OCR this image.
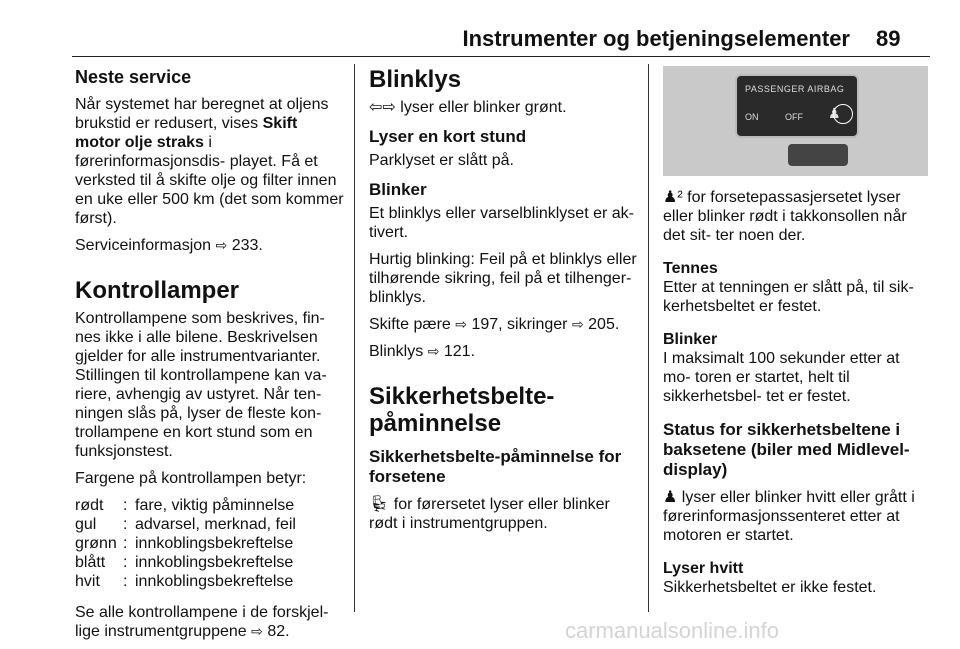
Instrumenter og betjeningselementer 89
Neste service

Når systemet har beregnet at oljens brukstid er redusert, vises Skift motor olje straks i førerinformasjonsdis- playet. Få et verksted til å skifte olje og filter innen en uke eller 500 km (det som kommer først).

Serviceinformasjon ⇨ 233.

Kontrollamper

Kontrollampene som beskrives, fin- nes ikke i alle bilene. Beskrivelsen gjelder for alle instrumentvarianter. Stillingen til kontrollampene kan va- riere, avhengig av ustyret. Når ten- ningen slås på, lyser de fleste kon- trollampene en kort stund som en funksjonstest.

Fargene på kontrollampen betyr:

rødt	: fare, viktig påminnelse
gul	: advarsel, merknad, feil
grønn : innkoblingsbekreftelse
blått	: innkoblingsbekreftelse
hvit	: innkoblingsbekreftelse

Se alle kontrollampene i de forskjel- lige instrumentgruppene ⇨ 82.

Blinklys

⇦⇨ lyser eller blinker grønt.

Lyser en kort stund

Parklyset er slått på.

Blinker

Et blinklys eller varselblinklyset er ak- tivert.

Hurtig blinking: Feil på et blinklys eller tilhørende sikring, feil på et tilhenger- blinklys.

Skifte pære ⇨ 197, sikringer ⇨ 205.

Blinklys ⇨ 121.

Sikkerhetsbelte-
påminnelse
Sikkerhetsbelte-påminnelse for forsetene

💺︎ for førersetet lyser eller blinker rødt i instrumentgruppen.

PASSENGER AIRBAG
ON	OFF ♟

♟² for forsetepassasjersetet lyser eller blinker rødt i takkonsollen når det sit- ter noen der.

Tennes

Etter at tenningen er slått på, til sik- kerhetsbeltet er festet.

Blinker

I maksimalt 100 sekunder etter at mo- toren er startet, helt til sikkerhetsbel- tet er festet.

Status for sikkerhetsbeltene i baksetene (biler med Midlevel- display)

♟ lyser eller blinker hvitt eller grått i førerinformasjonssenteret etter at motoren er startet.

Lyser hvitt

Sikkerhetsbeltet er ikke festet.

carmanualsonline.info
